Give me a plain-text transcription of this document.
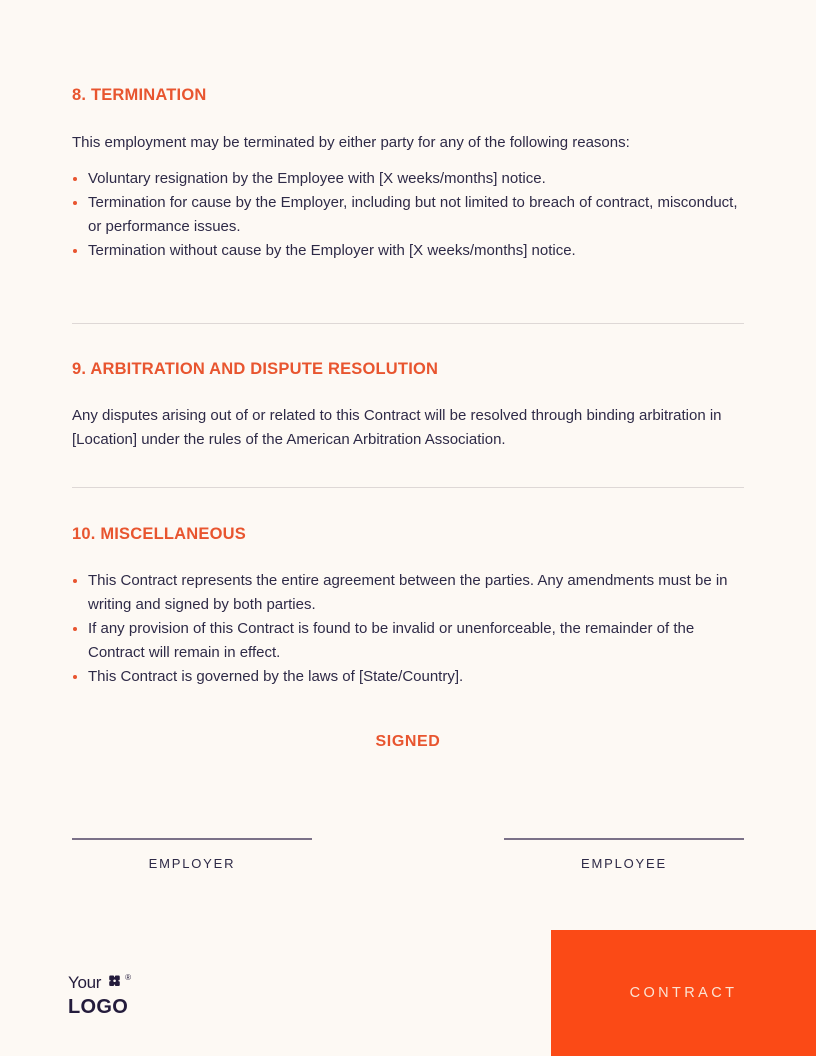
8. TERMINATION

This employment may be terminated by either party for any of the following reasons:

Voluntary resignation by the Employee with [X weeks/months] notice.
Termination for cause by the Employer, including but not limited to breach of contract, misconduct, or performance issues.
Termination without cause by the Employer with [X weeks/months] notice.
9. ARBITRATION AND DISPUTE RESOLUTION

Any disputes arising out of or related to this Contract will be resolved through binding arbitration in [Location] under the rules of the American Arbitration Association.

10. MISCELLANEOUS
This Contract represents the entire agreement between the parties. Any amendments must be in writing and signed by both parties.
If any provision of this Contract is found to be invalid or unenforceable, the remainder of the Contract will remain in effect.
This Contract is governed by the laws of [State/Country].
SIGNED
EMPLOYER	EMPLOYEE
Your	®
LOGO
CONTRACT
